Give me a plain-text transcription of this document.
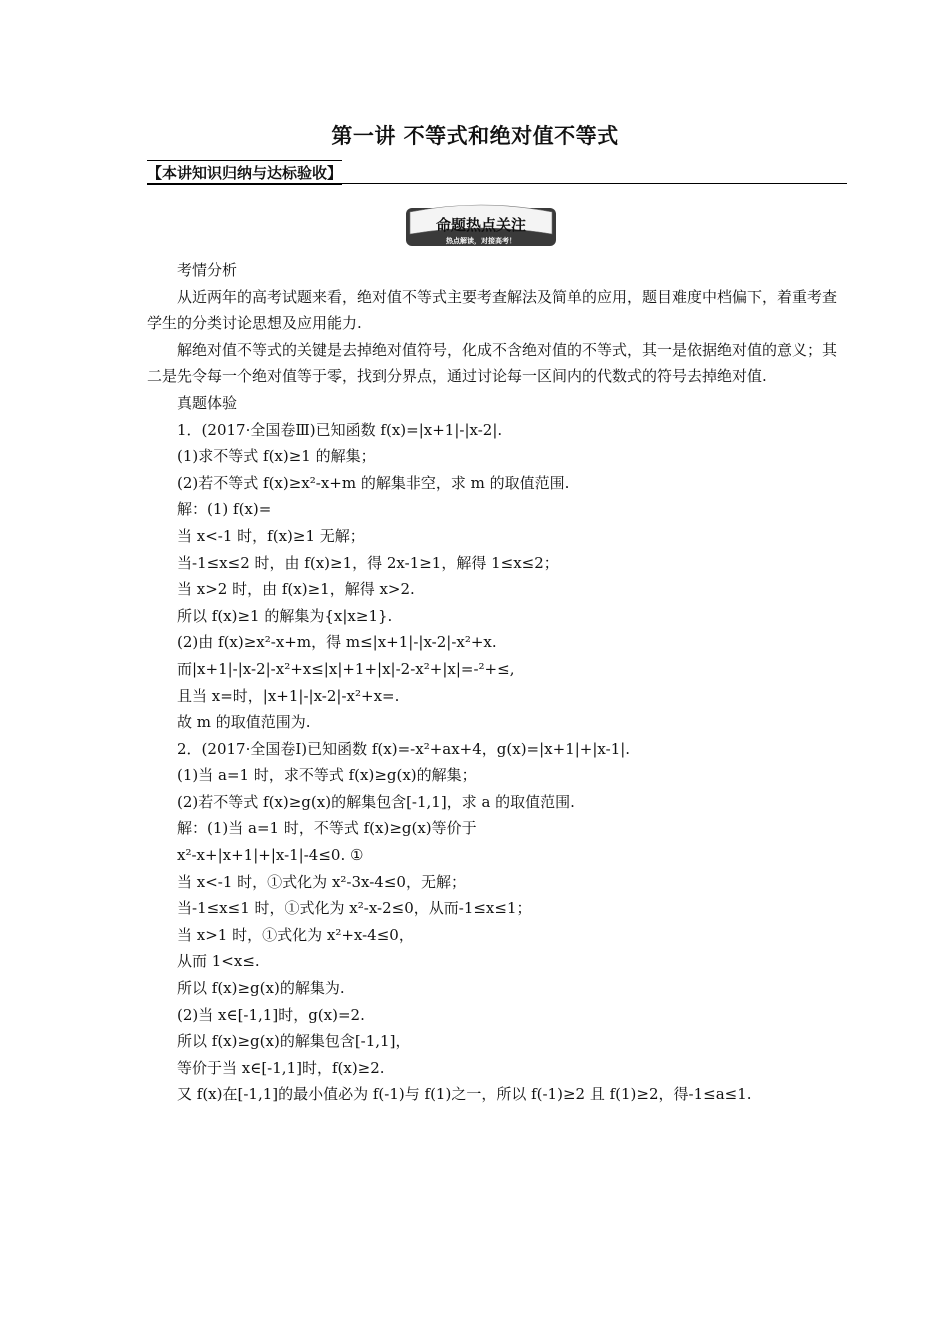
第一讲 不等式和绝对值不等式
【本讲知识归纳与达标验收】
命题热点关注
热点解读，对接高考！
考情分析
从近两年的高考试题来看，绝对值不等式主要考查解法及简单的应用，题目难度中档偏下，着重考查学生的分类讨论思想及应用能力.
解绝对值不等式的关键是去掉绝对值符号，化成不含绝对值的不等式，其一是依据绝对值的意义；其二是先令每一个绝对值等于零，找到分界点，通过讨论每一区间内的代数式的符号去掉绝对值.
真题体验
1．(2017·全国卷Ⅲ)已知函数 f(x)=|x+1|-|x-2|.
(1)求不等式 f(x)≥1 的解集；
(2)若不等式 f(x)≥x²-x+m 的解集非空，求 m 的取值范围.
解：(1) f(x)=
当 x<-1 时，f(x)≥1 无解；
当-1≤x≤2 时，由 f(x)≥1，得 2x-1≥1，解得 1≤x≤2；
当 x>2 时，由 f(x)≥1，解得 x>2.
所以 f(x)≥1 的解集为{x|x≥1}.
(2)由 f(x)≥x²-x+m，得 m≤|x+1|-|x-2|-x²+x.
而|x+1|-|x-2|-x²+x≤|x|+1+|x|-2-x²+|x|=-²+≤,
且当 x=时，|x+1|-|x-2|-x²+x=.
故 m 的取值范围为.
2．(2017·全国卷Ⅰ)已知函数 f(x)=-x²+ax+4，g(x)=|x+1|+|x-1|.
(1)当 a=1 时，求不等式 f(x)≥g(x)的解集；
(2)若不等式 f(x)≥g(x)的解集包含[-1,1]，求 a 的取值范围.
解：(1)当 a=1 时，不等式 f(x)≥g(x)等价于
x²-x+|x+1|+|x-1|-4≤0. ①
当 x<-1 时，①式化为 x²-3x-4≤0，无解；
当-1≤x≤1 时，①式化为 x²-x-2≤0，从而-1≤x≤1；
当 x>1 时，①式化为 x²+x-4≤0，
从而 1<x≤.
所以 f(x)≥g(x)的解集为.
(2)当 x∈[-1,1]时，g(x)=2.
所以 f(x)≥g(x)的解集包含[-1,1]，
等价于当 x∈[-1,1]时，f(x)≥2.
又 f(x)在[-1,1]的最小值必为 f(-1)与 f(1)之一，所以 f(-1)≥2 且 f(1)≥2，得-1≤a≤1.
